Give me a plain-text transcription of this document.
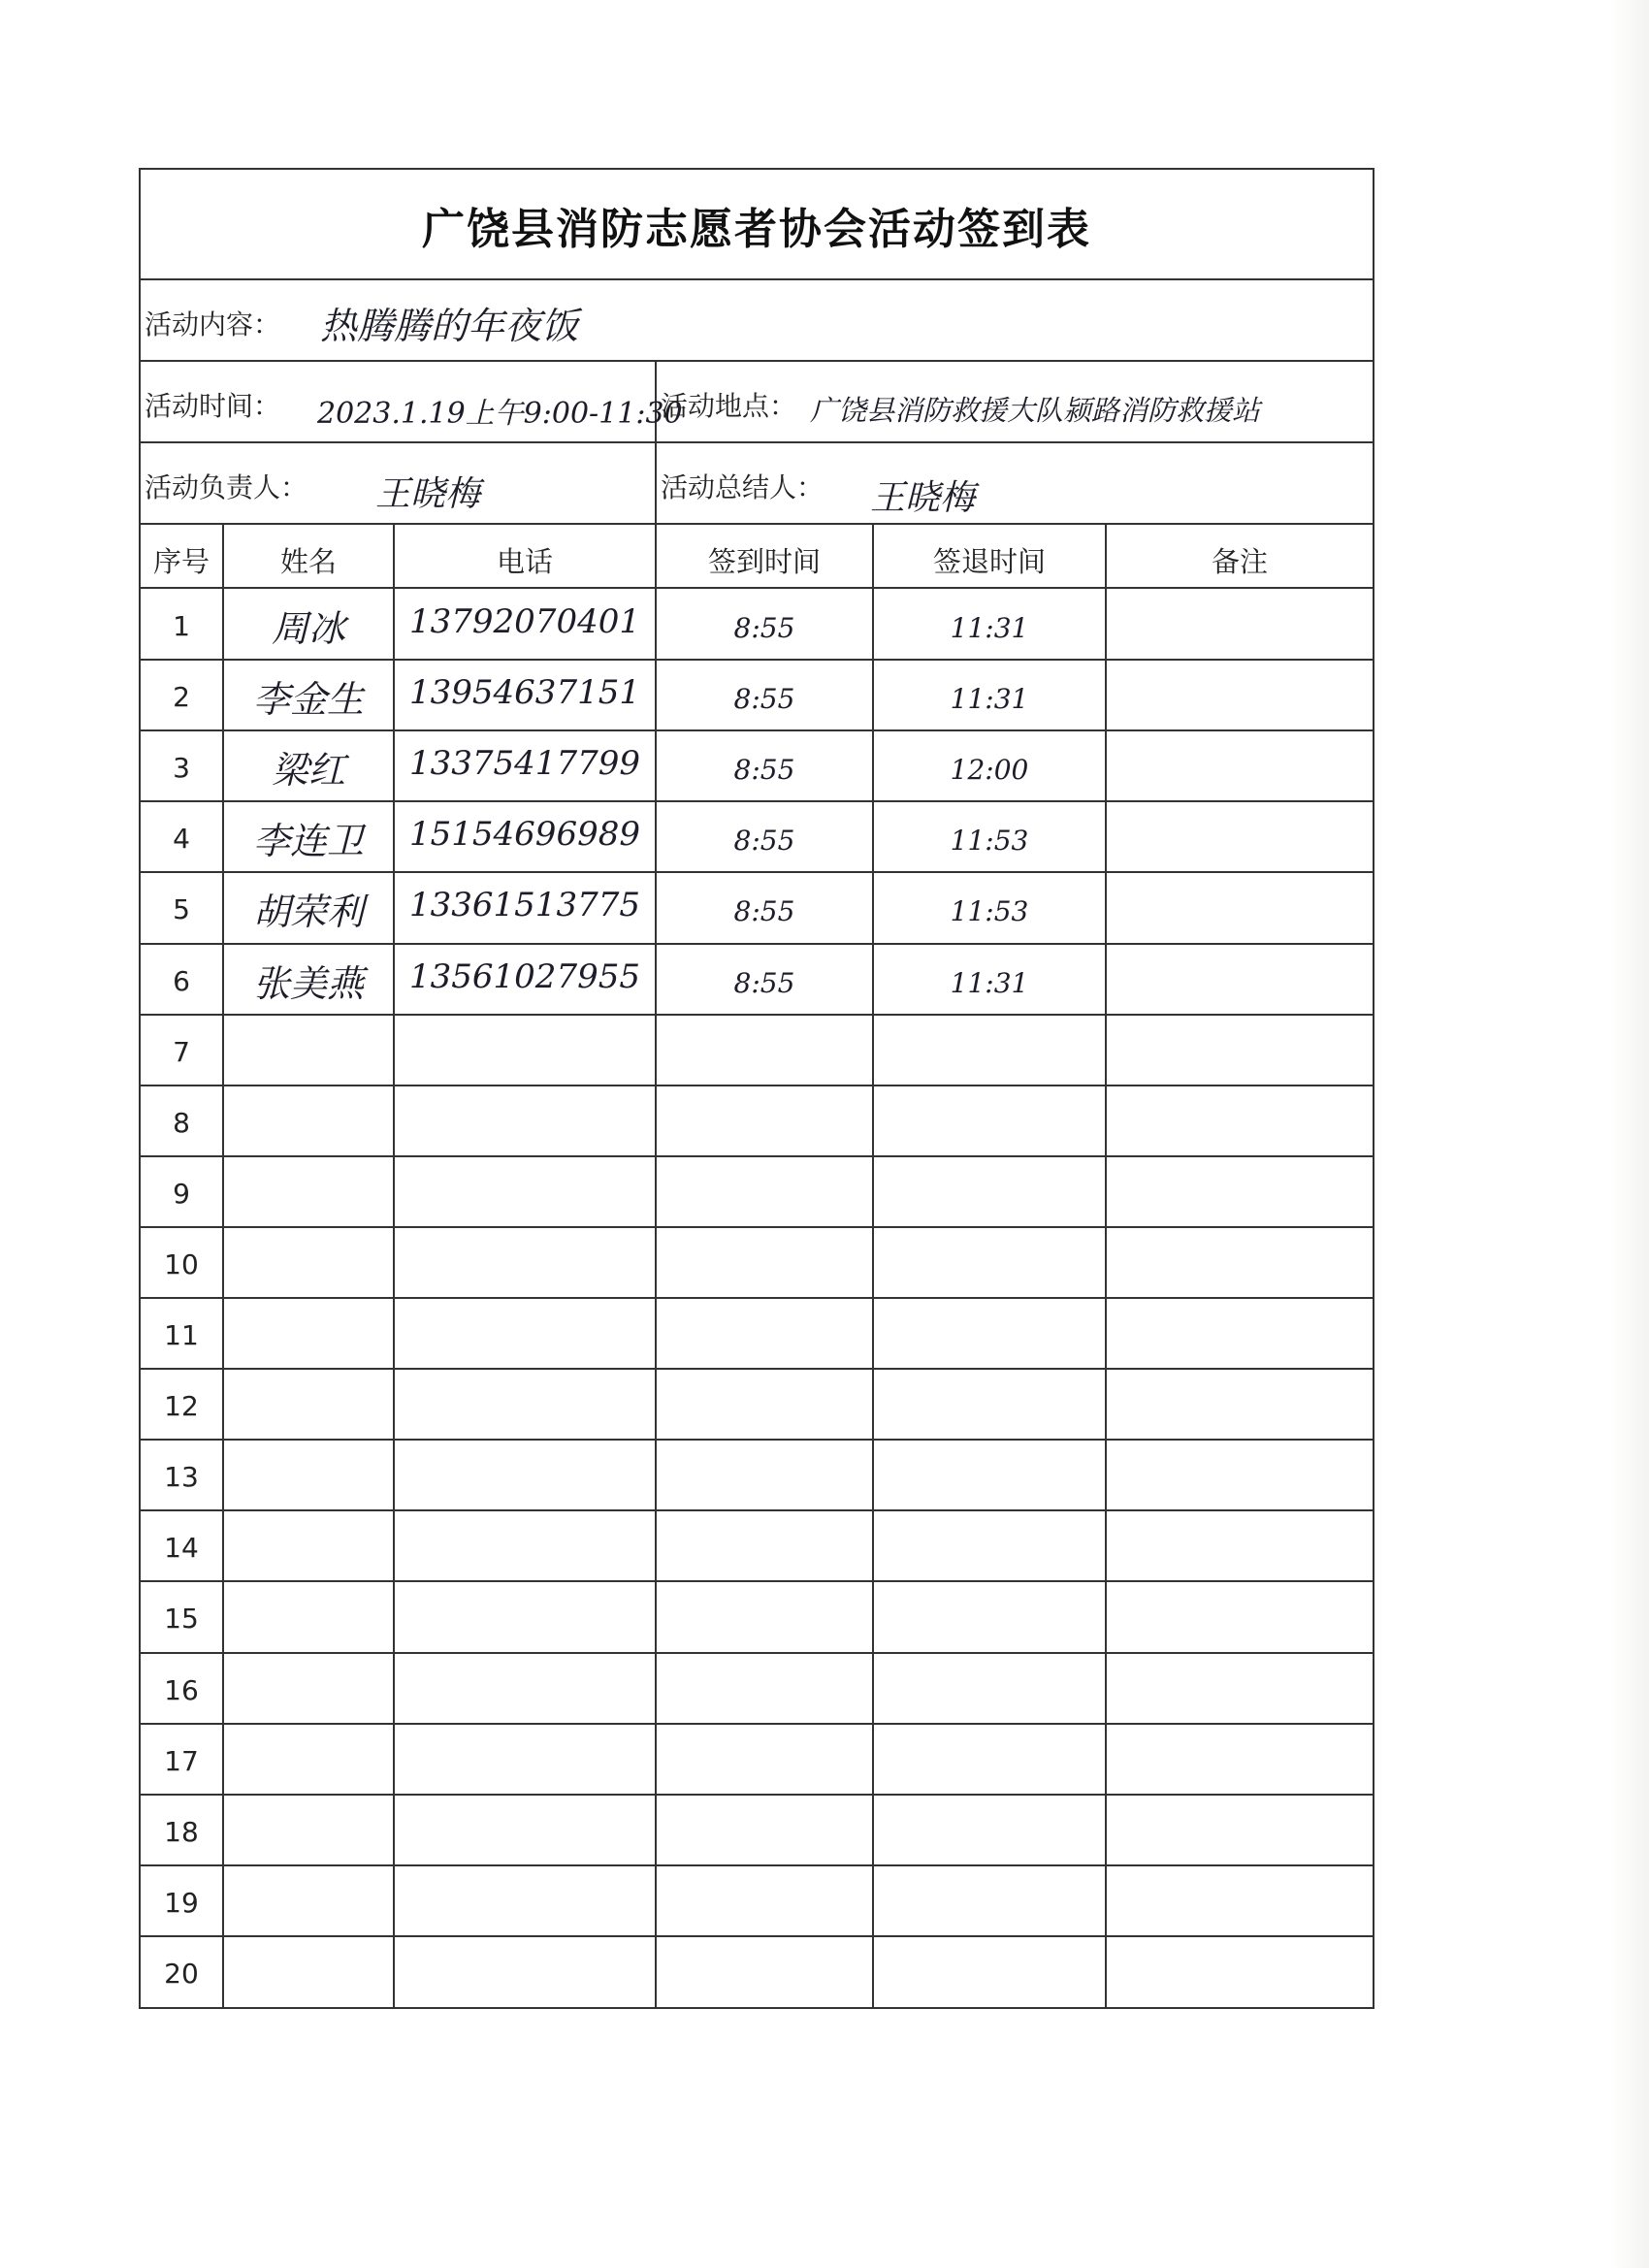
广饶县消防志愿者协会活动签到表
活动内容： 热腾腾的年夜饭
活动时间： 2023.1.19上午9:00-11:30
活动地点： 广饶县消防救援大队颍路消防救援站
活动负责人： 王晓梅	活动总结人： 王晓梅
序号	姓名	电话	签到时间	签退时间	备注
1	周冰	13792070401	8:55	11:31
2	李金生	13954637151	8:55	11:31
3	梁红	13375417799	8:55	12:00
4	李连卫	15154696989	8:55	11:53
5	胡荣利	13361513775	8:55	11:53
6	张美燕	13561027955	8:55	11:31
7
8
9
10
11
12
13
14
15
16
17
18
19
20
